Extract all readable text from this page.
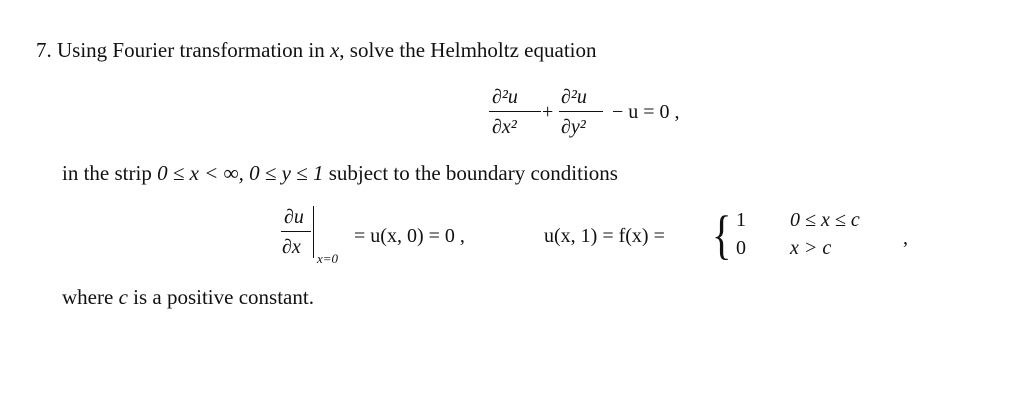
7. Using Fourier transformation in x, solve the Helmholtz equation
∂²u
∂x²
+
∂²u
∂y²
− u = 0 ,
in the strip 0 ≤ x < ∞, 0 ≤ y ≤ 1 subject to the boundary conditions
∂u
∂x
x=0
= u(x, 0) = 0 ,	u(x, 1) = f(x) = { 1 0 ≤ x ≤ c
0 x > c	,
where c is a positive constant.
